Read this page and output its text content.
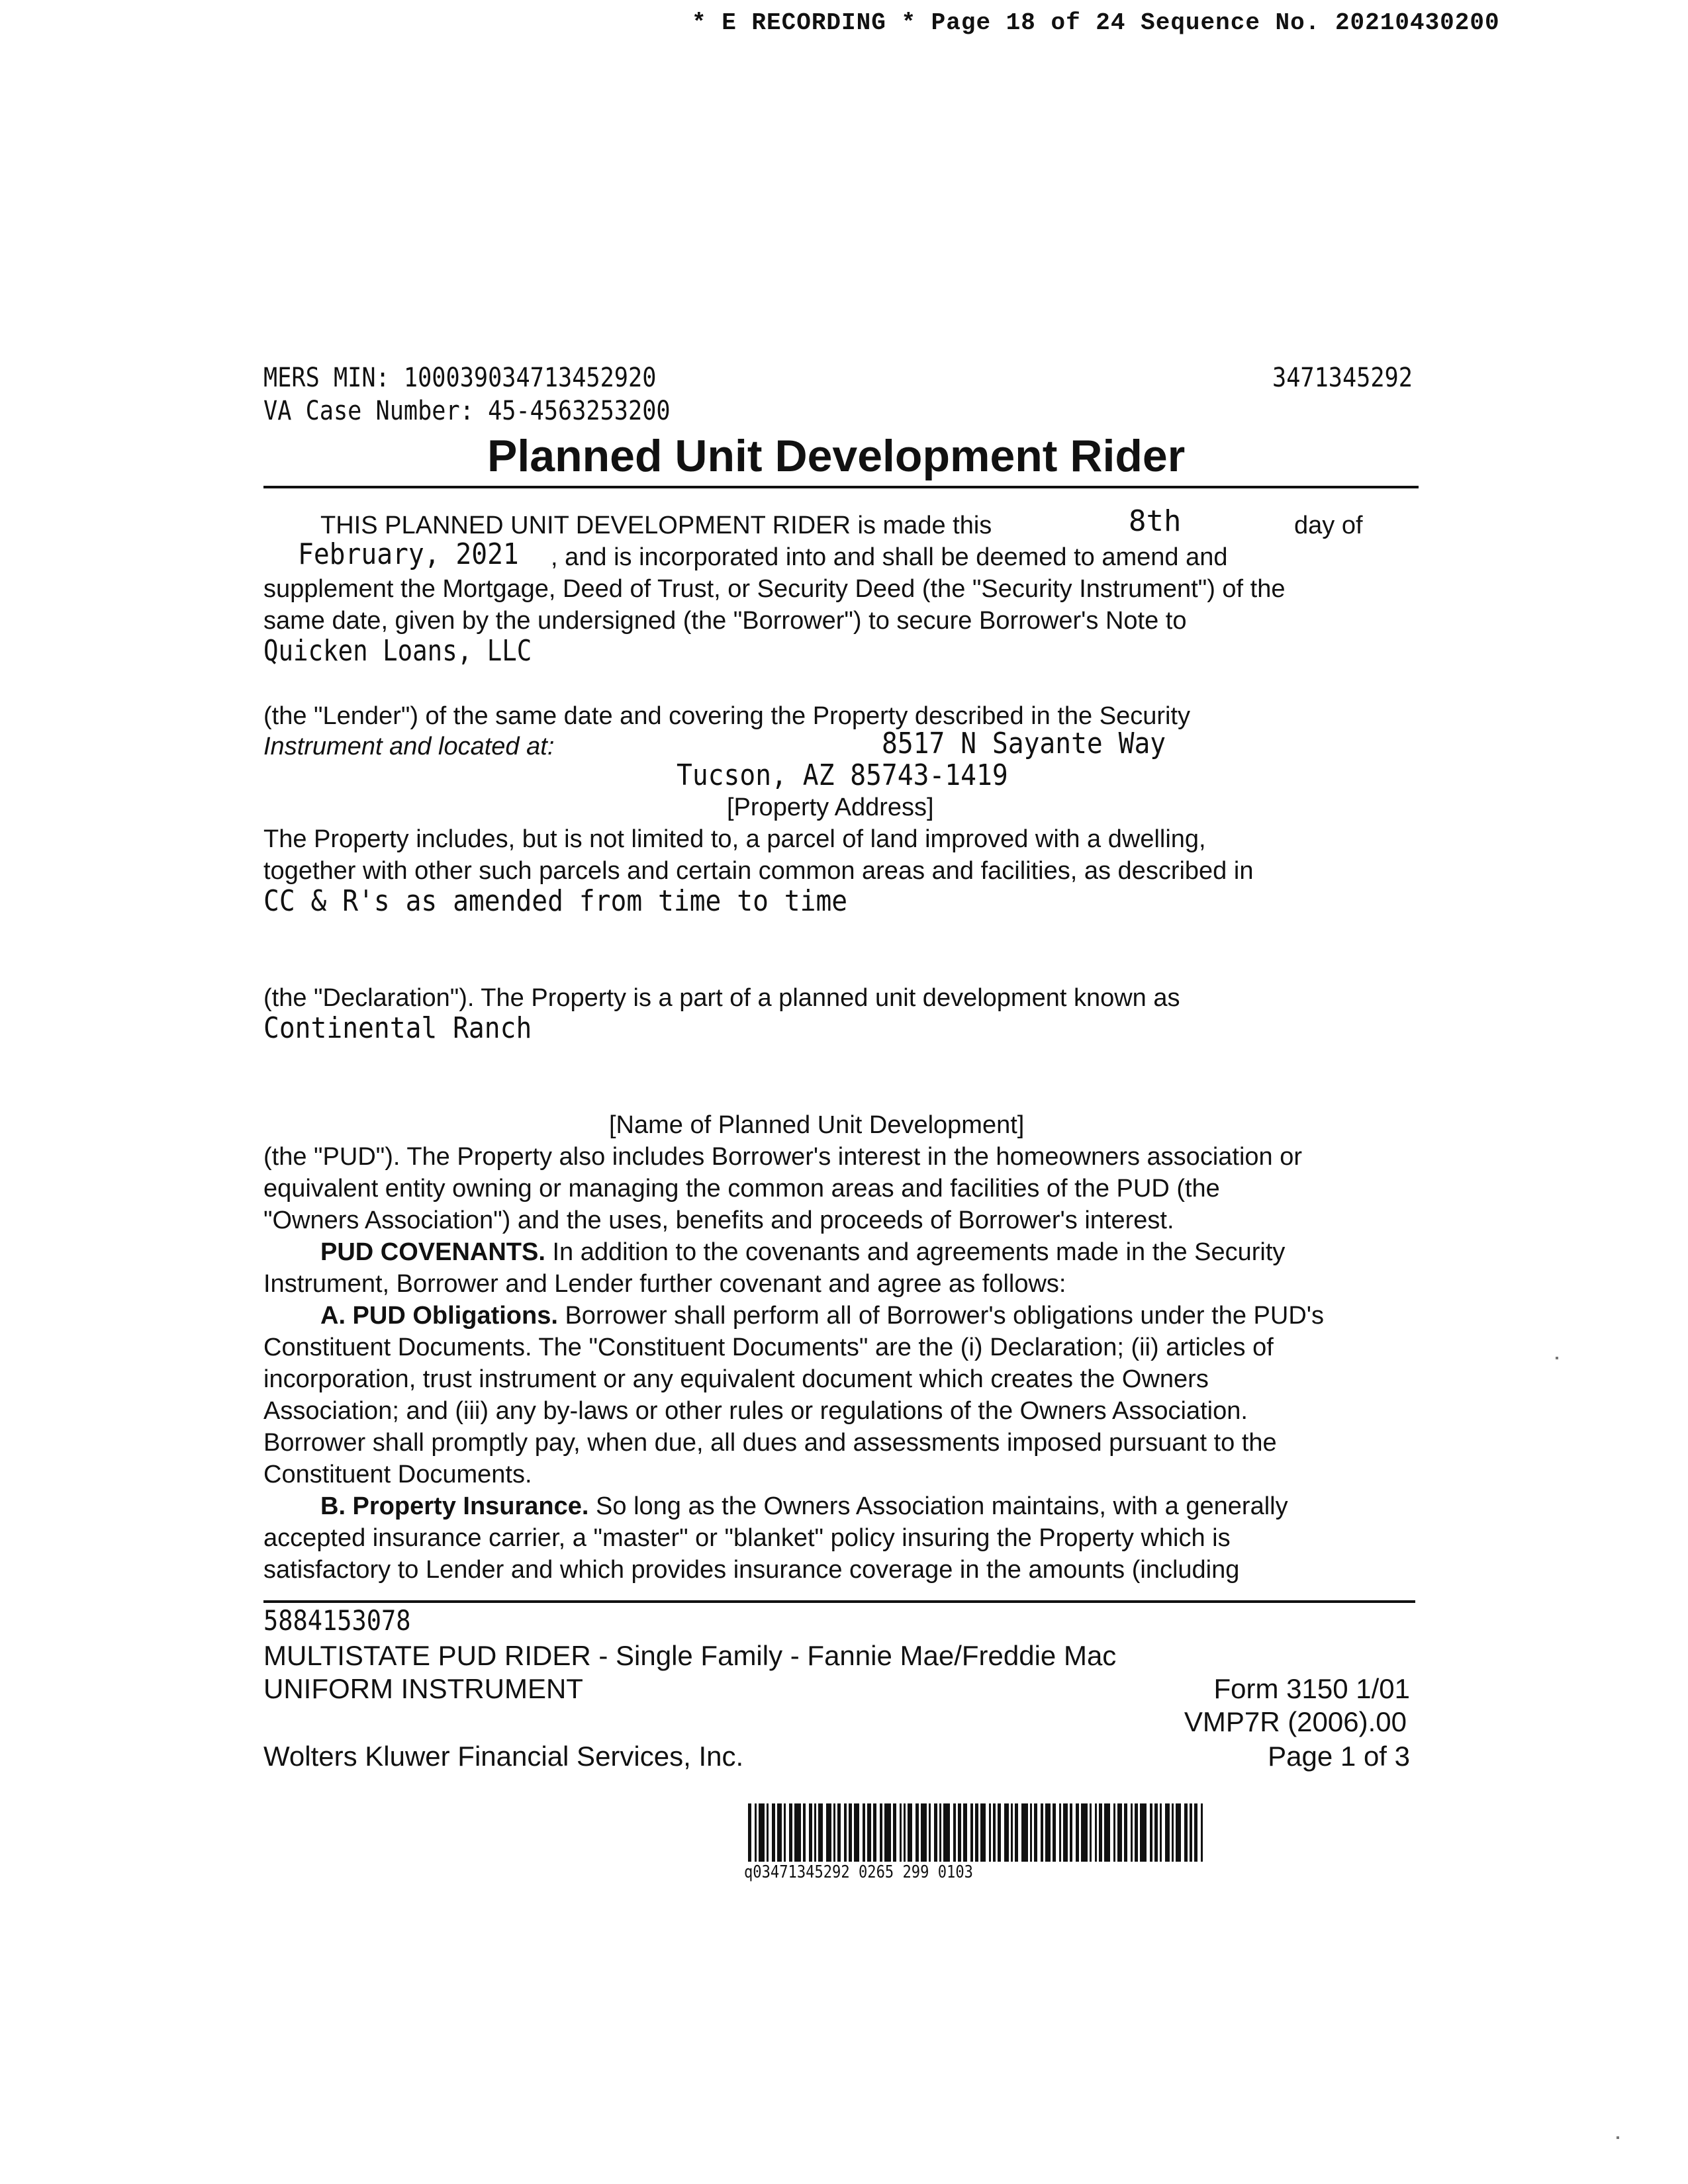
* E RECORDING * Page 18 of 24 Sequence No. 20210430200
MERS MIN: 100039034713452920
VA Case Number: 45-4563253200
3471345292
Planned Unit Development Rider
THIS PLANNED UNIT DEVELOPMENT RIDER is made this	8th	day of
February, 2021 , and is incorporated into and shall be deemed to amend and
supplement the Mortgage, Deed of Trust, or Security Deed (the "Security Instrument") of the
same date, given by the undersigned (the "Borrower") to secure Borrower's Note to
Quicken Loans, LLC
(the "Lender") of the same date and covering the Property described in the Security
Instrument and located at:	8517 N Sayante Way
Tucson, AZ 85743-1419
[Property Address]
The Property includes, but is not limited to, a parcel of land improved with a dwelling,
together with other such parcels and certain common areas and facilities, as described in
CC & R's as amended from time to time
(the "Declaration"). The Property is a part of a planned unit development known as
Continental Ranch
[Name of Planned Unit Development]
(the "PUD"). The Property also includes Borrower's interest in the homeowners association or
equivalent entity owning or managing the common areas and facilities of the PUD (the
"Owners Association") and the uses, benefits and proceeds of Borrower's interest.
PUD COVENANTS. In addition to the covenants and agreements made in the Security
Instrument, Borrower and Lender further covenant and agree as follows:
A. PUD Obligations. Borrower shall perform all of Borrower's obligations under the PUD's
Constituent Documents. The "Constituent Documents" are the (i) Declaration; (ii) articles of
incorporation, trust instrument or any equivalent document which creates the Owners
Association; and (iii) any by-laws or other rules or regulations of the Owners Association.
Borrower shall promptly pay, when due, all dues and assessments imposed pursuant to the
Constituent Documents.
B. Property Insurance. So long as the Owners Association maintains, with a generally
accepted insurance carrier, a "master" or "blanket" policy insuring the Property which is
satisfactory to Lender and which provides insurance coverage in the amounts (including
5884153078
MULTISTATE PUD RIDER - Single Family - Fannie Mae/Freddie Mac
UNIFORM INSTRUMENT	Form 3150 1/01
VMP7R (2006).00
Wolters Kluwer Financial Services, Inc.	Page 1 of 3
q03471345292 0265 299 0103
